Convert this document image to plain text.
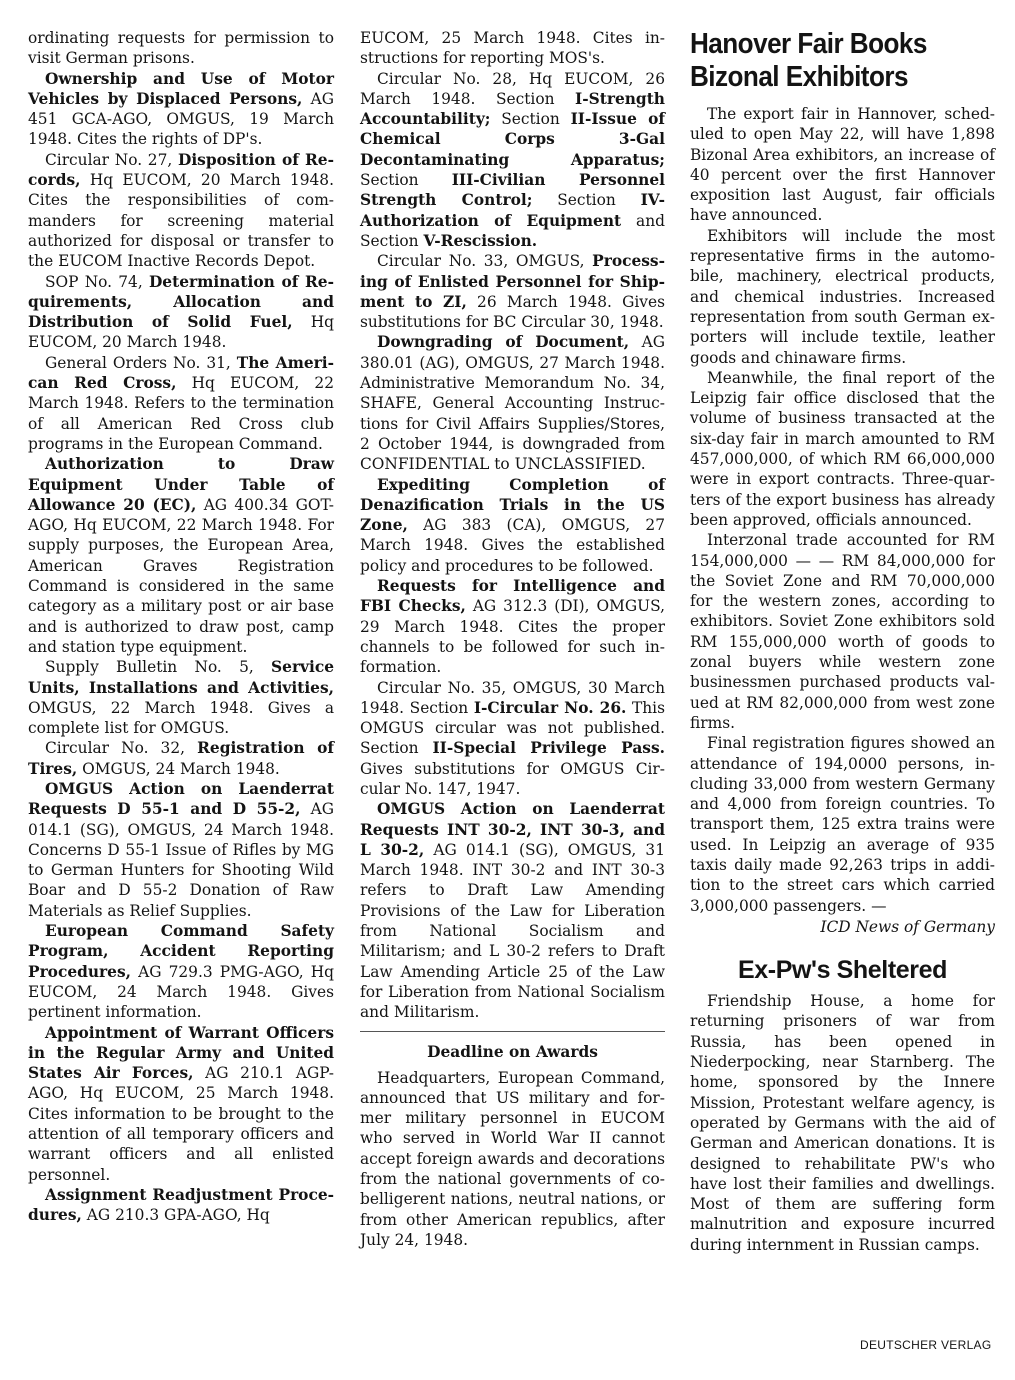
ordinating requests for permission to visit German prisons.

Ownership and Use of Motor Vehicles by Displaced Persons, AG 451 GCA-AGO, OMGUS, 19 March 1948. Cites the rights of DP's.

Circular No. 27, Disposition of Records, Hq EUCOM, 20 March 1948. Cites the responsibilities of commanders for screening material authorized for disposal or transfer to the EUCOM Inactive Records Depot.

SOP No. 74, Determination of Requirements, Allocation and Distribution of Solid Fuel, Hq EUCOM, 20 March 1948.

General Orders No. 31, The American Red Cross, Hq EUCOM, 22 March 1948. Refers to the termination of all American Red Cross club programs in the European Command.

Authorization to Draw Equipment Under Table of Allowance 20 (EC), AG 400.34 GOT-AGO, Hq EUCOM, 22 March 1948. For supply purposes, the European Area, American Graves Registration Command is considered in the same category as a military post or air base and is authorized to draw post, camp and station type equipment.

Supply Bulletin No. 5, Service Units, Installations and Activities, OMGUS, 22 March 1948. Gives a complete list for OMGUS.

Circular No. 32, Registration of Tires, OMGUS, 24 March 1948.

OMGUS Action on Laenderrat Requests D 55-1 and D 55-2, AG 014.1 (SG), OMGUS, 24 March 1948. Concerns D 55-1 Issue of Rifles by MG to German Hunters for Shooting Wild Boar and D 55-2 Donation of Raw Materials as Relief Supplies.

European Command Safety Program, Accident Reporting Procedures, AG 729.3 PMG-AGO, Hq EUCOM, 24 March 1948. Gives pertinent information.

Appointment of Warrant Officers in the Regular Army and United States Air Forces, AG 210.1 AGP-AGO, Hq EUCOM, 25 March 1948. Cites information to be brought to the attention of all temporary officers and warrant officers and all enlisted personnel.

Assignment Readjustment Procedures, AG 210.3 GPA-AGO, Hq

EUCOM, 25 March 1948. Cites instructions for reporting MOS's.

Circular No. 28, Hq EUCOM, 26 March 1948. Section I-Strength Accountability; Section II-Issue of Chemical Corps 3-Gal Decontaminating Apparatus; Section III-Civilian Personnel Strength Control; Section IV-Authorization of Equipment and Section V-Rescission.

Circular No. 33, OMGUS, Processing of Enlisted Personnel for Shipment to ZI, 26 March 1948. Gives substitutions for BC Circular 30, 1948.

Downgrading of Document, AG 380.01 (AG), OMGUS, 27 March 1948. Administrative Memorandum No. 34, SHAFE, General Accounting Instructions for Civil Affairs Supplies/Stores, 2 October 1944, is downgraded from CONFIDENTIAL to UNCLASSIFIED.

Expediting Completion of Denazification Trials in the US Zone, AG 383 (CA), OMGUS, 27 March 1948. Gives the established policy and procedures to be followed.

Requests for Intelligence and FBI Checks, AG 312.3 (DI), OMGUS, 29 March 1948. Cites the proper channels to be followed for such information.

Circular No. 35, OMGUS, 30 March 1948. Section I-Circular No. 26. This OMGUS circular was not published. Section II-Special Privilege Pass. Gives substitutions for OMGUS Circular No. 147, 1947.

OMGUS Action on Laenderrat Requests INT 30-2, INT 30-3, and L 30-2, AG 014.1 (SG), OMGUS, 31 March 1948. INT 30-2 and INT 30-3 refers to Draft Law Amending Provisions of the Law for Liberation from National Socialism and Militarism; and L 30-2 refers to Draft Law Amending Article 25 of the Law for Liberation from National Socialism and Militarism.

Deadline on Awards

Headquarters, European Command, announced that US military and former military personnel in EUCOM who served in World War II cannot accept foreign awards and decorations from the national governments of co-belligerent nations, neutral nations, or from other American republics, after July 24, 1948.

Hanover Fair Books Bizonal Exhibitors

The export fair in Hannover, scheduled to open May 22, will have 1,898 Bizonal Area exhibitors, an increase of 40 percent over the first Hannover exposition last August, fair officials have announced.

Exhibitors will include the most representative firms in the automobile, machinery, electrical products, and chemical industries. Increased representation from south German exporters will include textile, leather goods and chinaware firms.

Meanwhile, the final report of the Leipzig fair office disclosed that the volume of business transacted at the six-day fair in march amounted to RM 457,000,000, of which RM 66,000,000 were in export contracts. Three-quarters of the export business has already been approved, officials announced.

Interzonal trade accounted for RM 154,000,000 — — RM 84,000,000 for the Soviet Zone and RM 70,000,000 for the western zones, according to exhibitors. Soviet Zone exhibitors sold RM 155,000,000 worth of goods to zonal buyers while western zone businessmen purchased products valued at RM 82,000,000 from west zone firms.

Final registration figures showed an attendance of 194,0000 persons, including 33,000 from western Germany and 4,000 from foreign countries. To transport them, 125 extra trains were used. In Leipzig an average of 935 taxis daily made 92,263 trips in addition to the street cars which carried 3,000,000 passengers. —

ICD News of Germany
Ex-Pw's Sheltered

Friendship House, a home for returning prisoners of war from Russia, has been opened in Niederpocking, near Starnberg. The home, sponsored by the Innere Mission, Protestant welfare agency, is operated by Germans with the aid of German and American donations. It is designed to rehabilitate PW's who have lost their families and dwellings. Most of them are suffering form malnutrition and exposure incurred during internment in Russian camps.

DEUTSCHER VERLAG
